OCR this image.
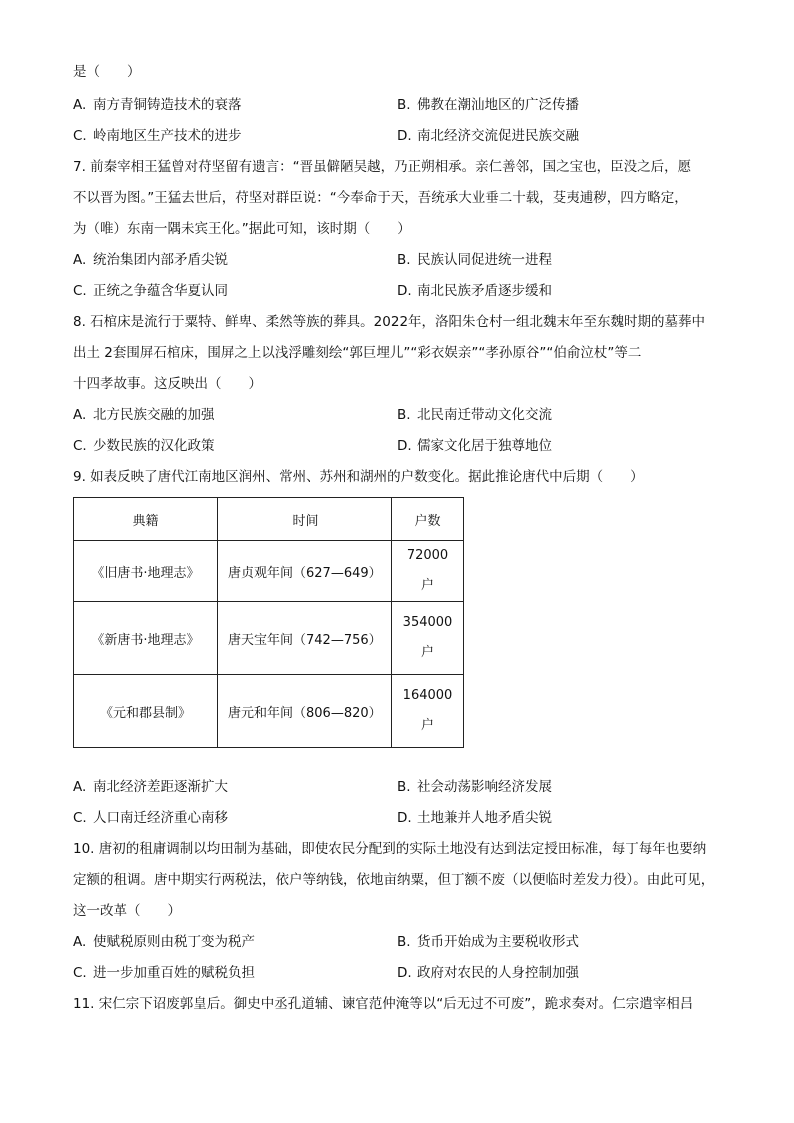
是（　　）

A. 南方青铜铸造技术的衰落	B. 佛教在潮汕地区的广泛传播
C. 岭南地区生产技术的进步	D. 南北经济交流促进民族交融

7. 前秦宰相王猛曾对苻坚留有遗言：“晋虽僻陋吴越，乃正朔相承。亲仁善邻，国之宝也，臣没之后，愿

不以晋为图。”王猛去世后，苻坚对群臣说：“今奉命于天，吾统承大业垂二十载，芟夷逋秽，四方略定，

为（唯）东南一隅未宾王化。”据此可知，该时期（　　）

A. 统治集团内部矛盾尖锐	B. 民族认同促进统一进程
C. 正统之争蕴含华夏认同	D. 南北民族矛盾逐步缓和

8. 石棺床是流行于粟特、鲜卑、柔然等族的葬具。2022年，洛阳朱仓村一组北魏末年至东魏时期的墓葬中

出土 2套围屏石棺床，围屏之上以浅浮雕刻绘“郭巨埋儿”“彩衣娱亲”“孝孙原谷”“伯俞泣杖”等二

十四孝故事。这反映出（　　）

A. 北方民族交融的加强	B. 北民南迁带动文化交流
C. 少数民族的汉化政策	D. 儒家文化居于独尊地位

9. 如表反映了唐代江南地区润州、常州、苏州和湖州的户数变化。据此推论唐代中后期（　　）

典籍	时间	户数
《旧唐书·地理志》	唐贞观年间（627—649）	72000 户

《新唐书·地理志》	唐天宝年间（742—756）	354000
户

《元和郡县制》	唐元和年间（806—820）	164000
户
A. 南北经济差距逐渐扩大	B. 社会动荡影响经济发展
C. 人口南迁经济重心南移	D. 土地兼并人地矛盾尖锐

10. 唐初的租庸调制以均田制为基础，即使农民分配到的实际土地没有达到法定授田标准，每丁每年也要纳

定额的租调。唐中期实行两税法，依户等纳钱，依地亩纳粟，但丁额不废（以便临时差发力役）。由此可见，

这一改革（　　）

A. 使赋税原则由税丁变为税产	B. 货币开始成为主要税收形式
C. 进一步加重百姓的赋税负担	D. 政府对农民的人身控制加强

11. 宋仁宗下诏废郭皇后。御史中丞孔道辅、谏官范仲淹等以“后无过不可废”，跪求奏对。仁宗遣宰相吕
